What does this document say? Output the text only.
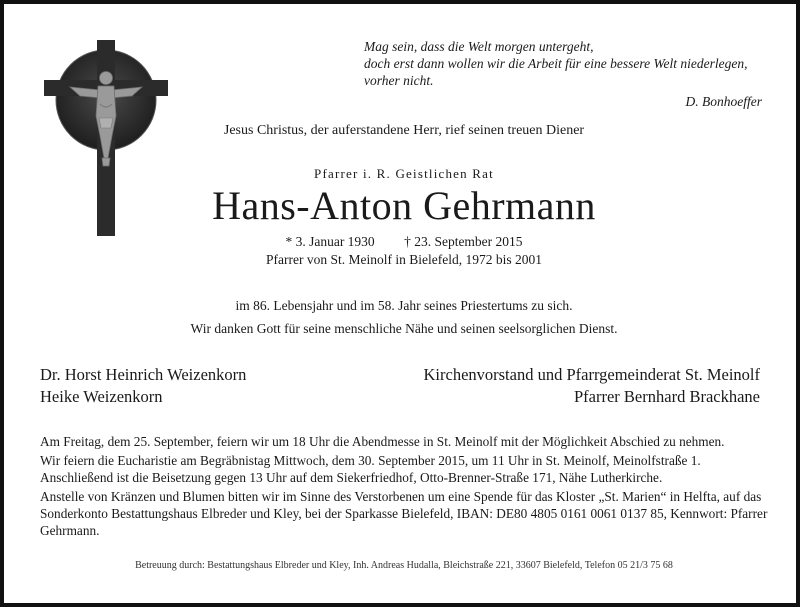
Mag sein, dass die Welt morgen untergeht,
doch erst dann wollen wir die Arbeit für eine bessere Welt niederlegen,
vorher nicht.
D. Bonhoeffer
Jesus Christus, der auferstandene Herr, rief seinen treuen Diener
Pfarrer i. R. Geistlichen Rat
Hans-Anton Gehrmann
* 3. Januar 1930 † 23. September 2015
Pfarrer von St. Meinolf in Bielefeld, 1972 bis 2001
im 86. Lebensjahr und im 58. Jahr seines Priestertums zu sich.
Wir danken Gott für seine menschliche Nähe und seinen seelsorglichen Dienst.
Dr. Horst Heinrich Weizenkorn
Heike Weizenkorn
Kirchenvorstand und Pfarrgemeinderat St. Meinolf
Pfarrer Bernhard Brackhane

Am Freitag, dem 25. September, feiern wir um 18 Uhr die Abendmesse in St. Meinolf mit der Möglichkeit Abschied zu nehmen.

Wir feiern die Eucharistie am Begräbnistag Mittwoch, dem 30. September 2015, um 11 Uhr in St. Meinolf, Meinolfstraße 1. Anschließend ist die Beisetzung gegen 13 Uhr auf dem Siekerfriedhof, Otto-Brenner-Straße 171, Nähe Lutherkirche.

Anstelle von Kränzen und Blumen bitten wir im Sinne des Verstorbenen um eine Spende für das Kloster „St. Marien“ in Helfta, auf das Sonderkonto Bestattungshaus Elbreder und Kley, bei der Sparkasse Bielefeld, IBAN: DE80 4805 0161 0061 0137 85, Kennwort: Pfarrer Gehrmann.

Betreuung durch: Bestattungshaus Elbreder und Kley, Inh. Andreas Hudalla, Bleichstraße 221, 33607 Bielefeld, Telefon 05 21/3 75 68
